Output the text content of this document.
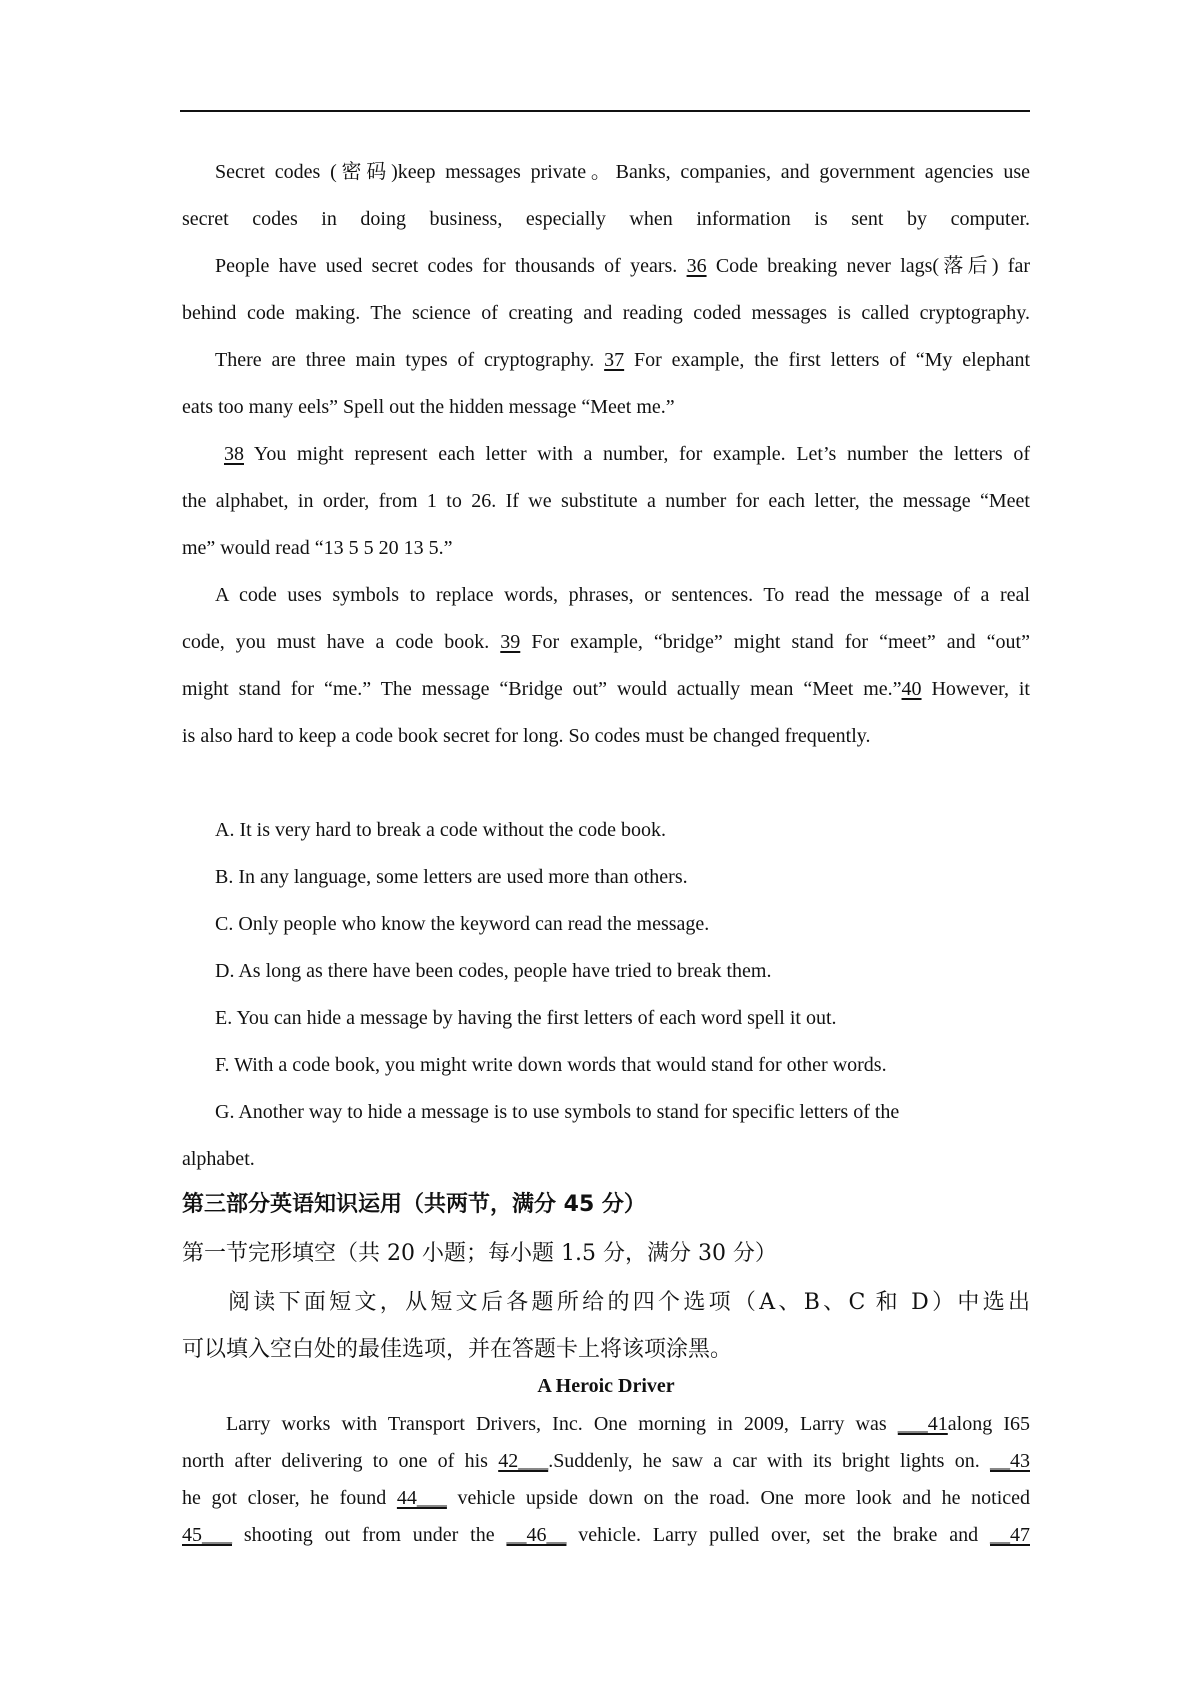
Secret codes (密码)keep messages private。Banks, companies, and government agencies use
secret codes in doing business, especially when information is sent by computer.
People have used secret codes for thousands of years. 36 Code breaking never lags(落后) far
behind code making. The science of creating and reading coded messages is called cryptography.
There are three main types of cryptography. 37 For example, the first letters of “My elephant
eats too many eels” Spell out the hidden message “Meet me.”
38 You might represent each letter with a number, for example. Let’s number the letters of
the alphabet, in order, from 1 to 26. If we substitute a number for each letter, the message “Meet
me” would read “13 5 5 20 13 5.”
A code uses symbols to replace words, phrases, or sentences. To read the message of a real
code, you must have a code book. 39 For example, “bridge” might stand for “meet” and “out”
might stand for “me.” The message “Bridge out” would actually mean “Meet me.”40 However, it
is also hard to keep a code book secret for long. So codes must be changed frequently.
A. It is very hard to break a code without the code book.
B. In any language, some letters are used more than others.
C. Only people who know the keyword can read the message.
D. As long as there have been codes, people have tried to break them.
E. You can hide a message by having the first letters of each word spell it out.
F. With a code book, you might write down words that would stand for other words.
G. Another way to hide a message is to use symbols to stand for specific letters of the
alphabet.
第三部分英语知识运用（共两节，满分 45 分）
第一节完形填空（共 20 小题；每小题 1.5 分，满分 30 分）
阅读下面短文，从短文后各题所给的四个选项（A、B、C 和 D）中选出
可以填入空白处的最佳选项，并在答题卡上将该项涂黑。
A Heroic Driver
Larry works with Transport Drivers, Inc. One morning in 2009, Larry was ___41along I65
north after delivering to one of his 42___.Suddenly, he saw a car with its bright lights on. __43
he got closer, he found 44___ vehicle upside down on the road. One more look and he noticed
45___ shooting out from under the __46__ vehicle. Larry pulled over, set the brake and __47
